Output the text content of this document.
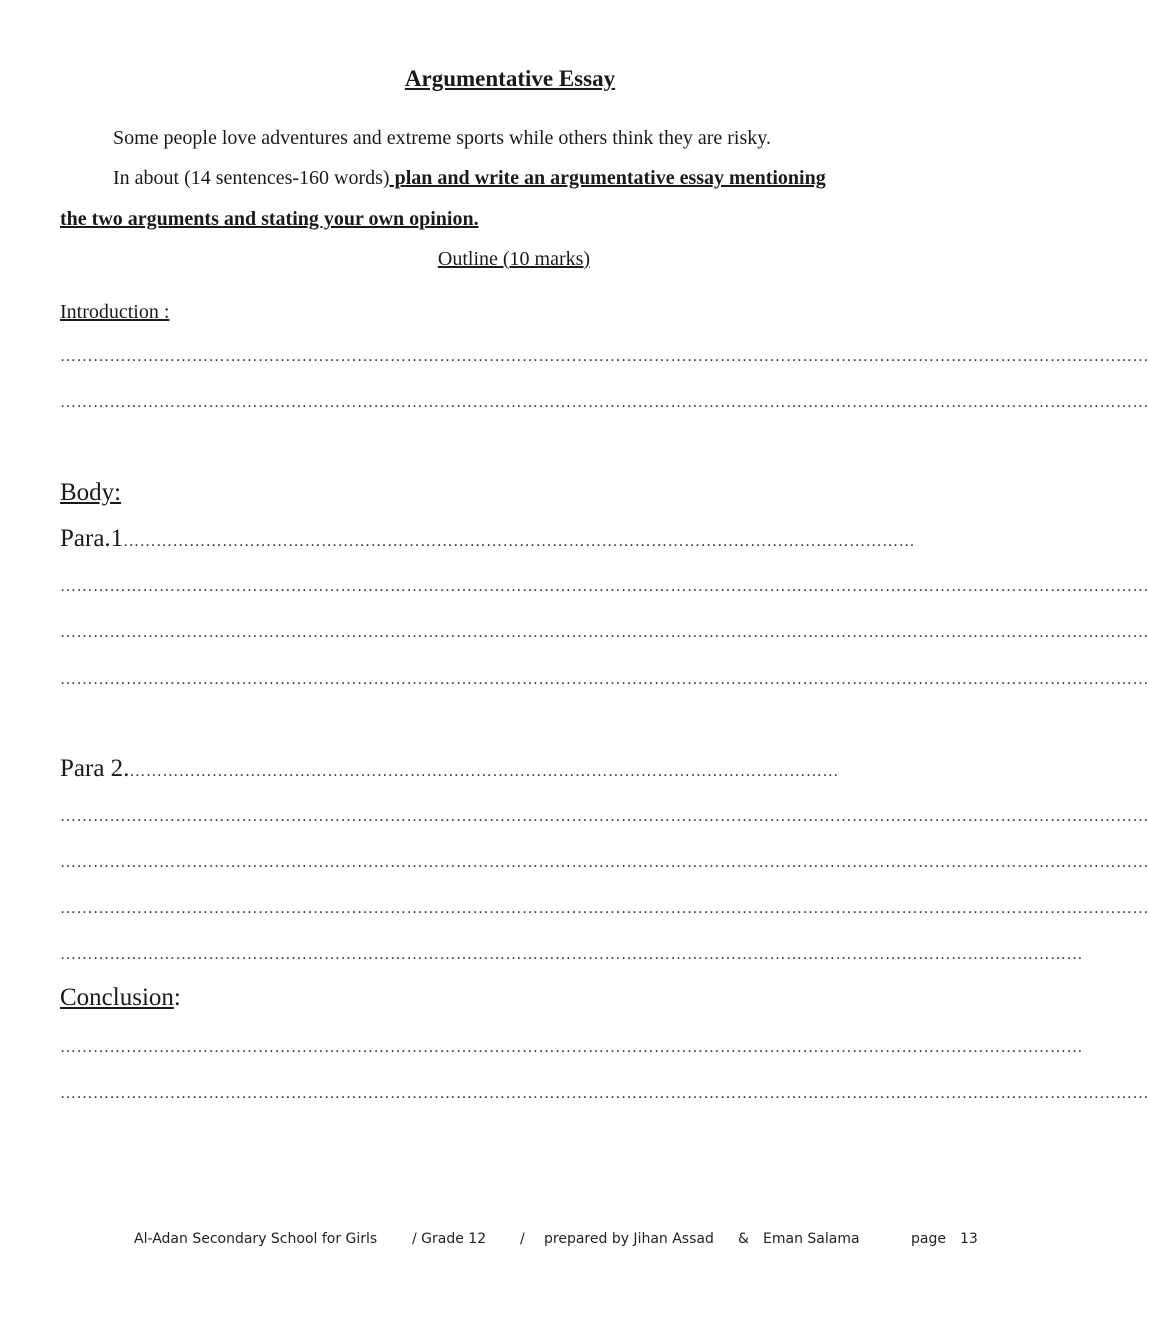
Argumentative Essay
Some people love adventures and extreme sports while others think they are risky.
In about (14 sentences-160 words) plan and write an argumentative essay mentioning
the two arguments and stating your own opinion.
Outline (10 marks)
Introduction :
………………………………………………………………………………………………………………………………………………………………………………
………………………………………………………………………………………………………………………………………………………………………………
Body:
Para.1………………………………………………………………………………………………………………………………
………………………………………………………………………………………………………………………………………………………………………………
………………………………………………………………………………………………………………………………………………………………………………
………………………………………………………………………………………………………………………………………………………………………………
Para 2.…………………………………………………………………………………………………………………
………………………………………………………………………………………………………………………………………………………………………………
………………………………………………………………………………………………………………………………………………………………………………
………………………………………………………………………………………………………………………………………………………………………………
……………………………………………………………………………………………………………………………………………………………………
Conclusion:
……………………………………………………………………………………………………………………………………………………………………
………………………………………………………………………………………………………………………………………………………………………………
Al-Adan Secondary School for Girls / Grade 12 / prepared by Jihan Assad & Eman Salama	page 13
